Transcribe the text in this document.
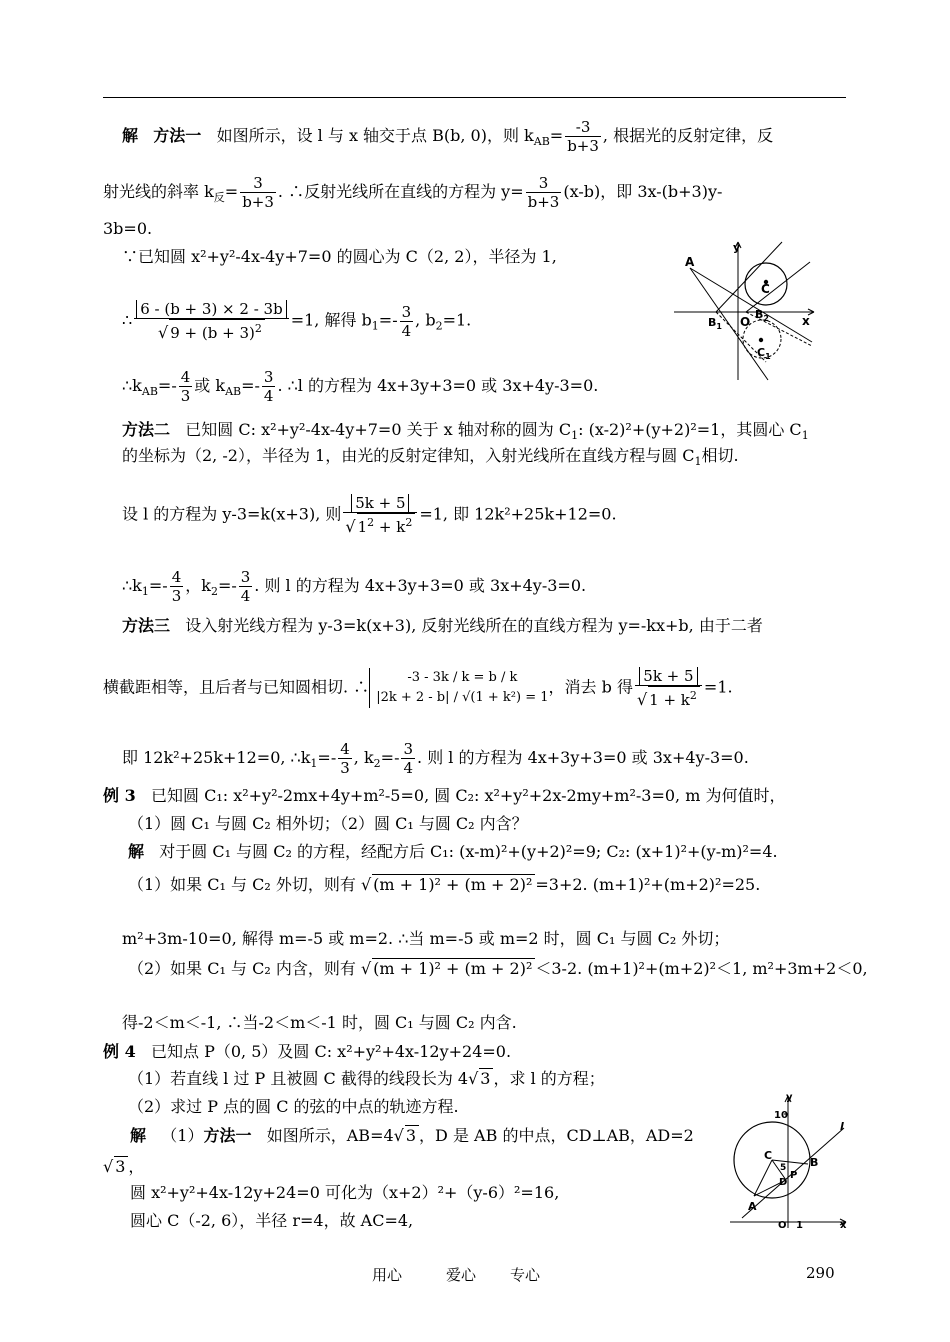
解 方法一 如图所示，设 l 与 x 轴交于点 B(b, 0)，则 $k_{AB}= \frac{-3}{b+3}$ , 根据光的反射定律，反
射光线的斜率 $k_反= \frac{3}{b+3}$ . ∴反射光线所在直线的方程为 $y= \frac{3}{b+3} (x-b)$，即 3x-(b+3)y-
3b=0.
∵已知圆 x²+y²-4x-4y+7=0 的圆心为 C（2, 2），半径为 1,
∴ $\frac{6 - (b + 3) \times 2 - 3b}{√ 9 + (b + 3)^2} =1$, 解得 $b_1=- \frac{3}{4}$ , $b_2=1$.
$\therefore k_{AB}=- \frac{4}{3}$ 或 $k_{AB}=- \frac{3}{4}$ . ∴l 的方程为 4x+3y+3=0 或 3x+4y-3=0.
A
y
C
$B_1$ O
$B_2$	x
$C_1$
方法二 已知圆 C: x²+y²-4x-4y+7=0 关于 x 轴对称的圆为 $C_1$: (x-2)²+(y+2)²=1，其圆心 $C_1$
的坐标为（2, -2），半径为 1，由光的反射定律知，入射光线所在直线方程与圆 $C_1$相切.
设 l 的方程为 y-3=k(x+3), 则 $\frac{5k + 5}{√ 1^2 + k^2} =1$, 即 12k²+25k+12=0.
$\therefore k_1=- \frac{4}{3}$ ，$k_2=- \frac{3}{4}$ . 则 l 的方程为 4x+3y+3=0 或 3x+4y-3=0.
方法三 设入射光线方程为 y-3=k(x+3), 反射光线所在的直线方程为 y=-kx+b, 由于二者
横截距相等，且后者与已知圆相切. ∴	-3 - 3k / k = b / k
|2k + 2 - b| / √(1 + k²) = 1，消去 b 得 $\frac{5k + 5}{√ 1 + k^2} =1$.
即 12k²+25k+12=0, $\therefore k_1=- \frac{4}{3}$ , $k_2=- \frac{3}{4}$ . 则 l 的方程为 4x+3y+3=0 或 3x+4y-3=0.
例 3 已知圆 C₁: x²+y²-2mx+4y+m²-5=0, 圆 C₂: x²+y²+2x-2my+m²-3=0, m 为何值时，
（1）圆 C₁ 与圆 C₂ 相外切；（2）圆 C₁ 与圆 C₂ 内含？
解 对于圆 C₁ 与圆 C₂ 的方程，经配方后 C₁: (x-m)²+(y+2)²=9; C₂: (x+1)²+(y-m)²=4.
（1）如果 C₁ 与 C₂ 外切，则有 √ (m + 1)² + (m + 2)² =3+2. (m+1)²+(m+2)²=25.
m²+3m-10=0, 解得 m=-5 或 m=2. ∴当 m=-5 或 m=2 时，圆 C₁ 与圆 C₂ 外切；
（2）如果 C₁ 与 C₂ 内含，则有 √ (m + 1)² + (m + 2)² ＜3-2. (m+1)²+(m+2)²＜1, m²+3m+2＜0,
得-2＜m＜-1, ∴当-2＜m＜-1 时，圆 C₁ 与圆 C₂ 内含.
例 4 已知点 P（0, 5）及圆 C: x²+y²+4x-12y+24=0.
（1）若直线 l 过 P 且被圆 C 截得的线段长为 4√ 3 ，求 l 的方程；
（2）求过 P 点的圆 C 的弦的中点的轨迹方程.
解 （1）方法一 如图所示，AB=4√ 3 ，D 是 AB 的中点，CD⊥AB，AD=2
√ 3 ，
圆 x²+y²+4x-12y+24=0 可化为（x+2）²+（y-6）²=16,
圆心 C（-2, 6），半径 r=4，故 AC=4,
y
10
l
C
5 B
P
D
A
O 1	x
用心	爱心 专心	290
